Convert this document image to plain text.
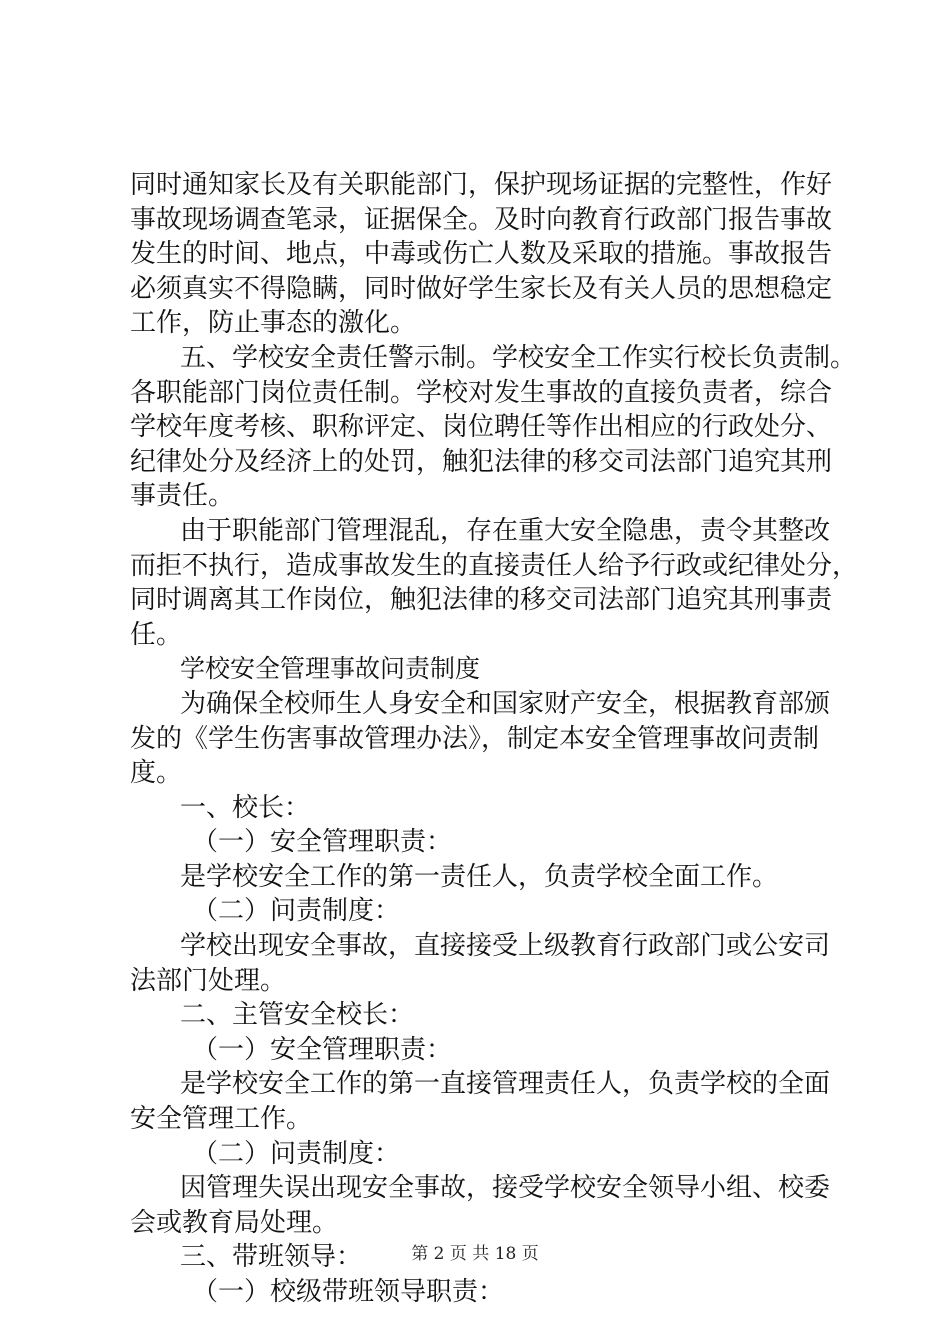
同时通知家长及有关职能部门，保护现场证据的完整性，作好
事故现场调查笔录，证据保全。及时向教育行政部门报告事故
发生的时间、地点，中毒或伤亡人数及采取的措施。事故报告
必须真实不得隐瞒，同时做好学生家长及有关人员的思想稳定
工作，防止事态的激化。
五、学校安全责任警示制。学校安全工作实行校长负责制。
各职能部门岗位责任制。学校对发生事故的直接负责者，综合
学校年度考核、职称评定、岗位聘任等作出相应的行政处分、
纪律处分及经济上的处罚，触犯法律的移交司法部门追究其刑
事责任。
由于职能部门管理混乱，存在重大安全隐患，责令其整改
而拒不执行，造成事故发生的直接责任人给予行政或纪律处分，
同时调离其工作岗位，触犯法律的移交司法部门追究其刑事责
任。
学校安全管理事故问责制度
为确保全校师生人身安全和国家财产安全，根据教育部颁
发的《学生伤害事故管理办法》，制定本安全管理事故问责制
度。
一、校长：
（一）安全管理职责：
是学校安全工作的第一责任人，负责学校全面工作。
（二）问责制度：
学校出现安全事故，直接接受上级教育行政部门或公安司
法部门处理。
二、主管安全校长：
（一）安全管理职责：
是学校安全工作的第一直接管理责任人，负责学校的全面
安全管理工作。
（二）问责制度：
因管理失误出现安全事故，接受学校安全领导小组、校委
会或教育局处理。
三、带班领导：
（一）校级带班领导职责：
第 2 页 共 18 页
